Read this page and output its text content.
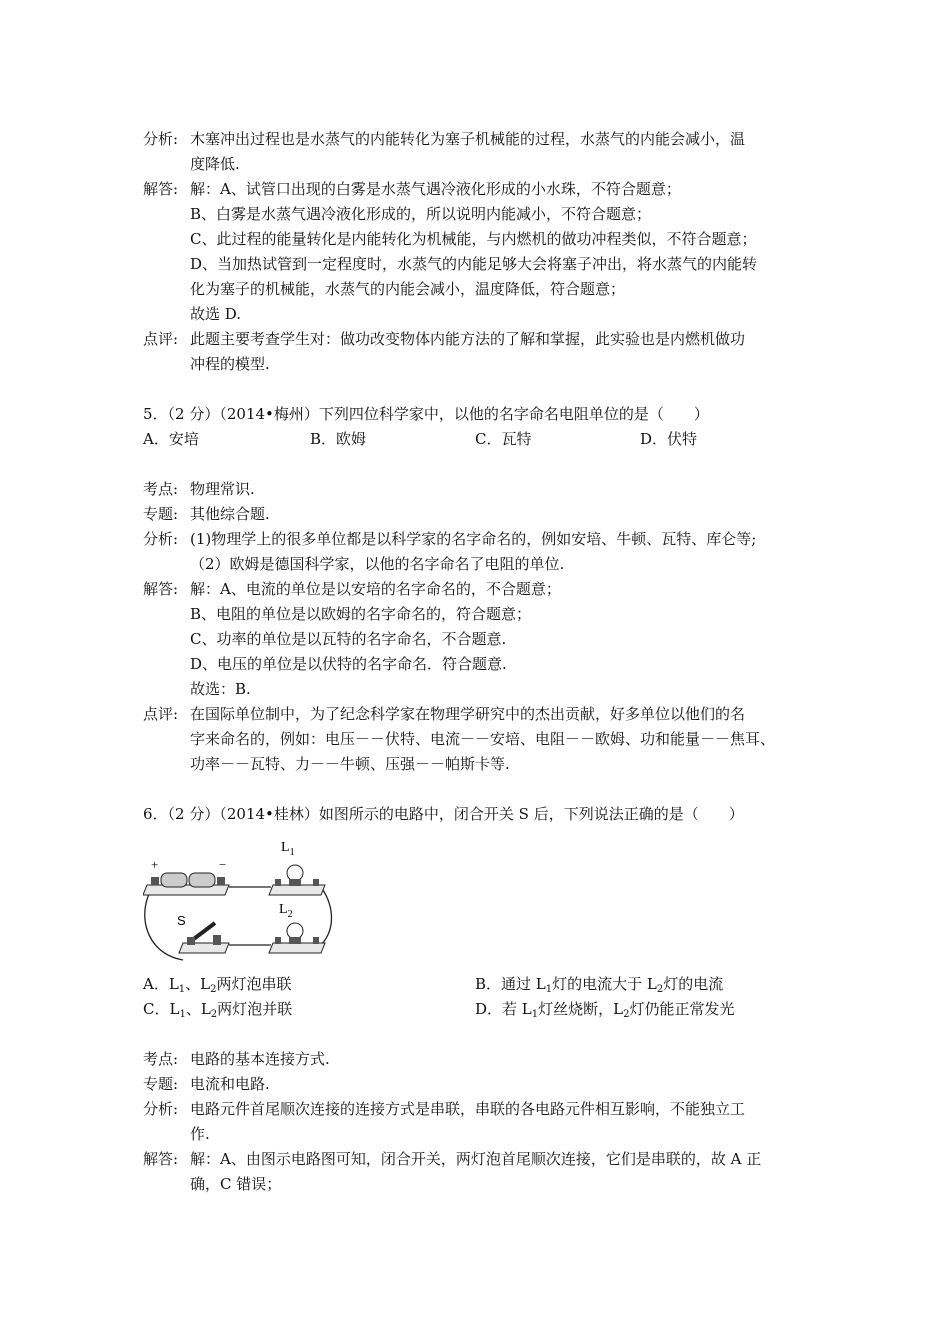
分析: 木塞冲出过程也是水蒸气的内能转化为塞子机械能的过程，水蒸气的内能会减小，温
度降低.
解答: 解：A、试管口出现的白雾是水蒸气遇冷液化形成的小水珠，不符合题意；
B、白雾是水蒸气遇冷液化形成的，所以说明内能减小，不符合题意；
C、此过程的能量转化是内能转化为机械能，与内燃机的做功冲程类似，不符合题意；
D、当加热试管到一定程度时，水蒸气的内能足够大会将塞子冲出，将水蒸气的内能转
化为塞子的机械能，水蒸气的内能会减小，温度降低，符合题意；
故选 D.
点评: 此题主要考查学生对：做功改变物体内能方法的了解和掌握，此实验也是内燃机做功
冲程的模型.
5．（2 分）（2014•梅州）下列四位科学家中，以他的名字命名电阻单位的是（　　）
A．安培	B．欧姆	C．瓦特	D．伏特
考点: 物理常识.
专题: 其他综合题.
分析: (1)物理学上的很多单位都是以科学家的名字命名的，例如安培、牛顿、瓦特、库仑等;
（2）欧姆是德国科学家，以他的名字命名了电阻的单位.
解答: 解：A、电流的单位是以安培的名字命名的，不合题意；
B、电阻的单位是以欧姆的名字命名的，符合题意；
C、功率的单位是以瓦特的名字命名，不合题意.
D、电压的单位是以伏特的名字命名．符合题意.
故选：B.
点评: 在国际单位制中，为了纪念科学家在物理学研究中的杰出贡献，好多单位以他们的名
字来命名的，例如：电压－－伏特、电流－－安培、电阻－－欧姆、功和能量－－焦耳、
功率－－瓦特、力－－牛顿、压强－－帕斯卡等.
6．（2 分）（2014•桂林）如图所示的电路中，闭合开关 S 后，下列说法正确的是（　　）
+	−
$L_1$
$L_2$
S
A．$L_1$、$L_2$两灯泡串联	B．通过 $L_1$灯的电流大于 $L_2$灯的电流
C．$L_1$、$L_2$两灯泡并联	D．若 $L_1$灯丝烧断，$L_2$灯仍能正常发光
考点: 电路的基本连接方式.
专题: 电流和电路.
分析: 电路元件首尾顺次连接的连接方式是串联，串联的各电路元件相互影响，不能独立工
作.
解答: 解：A、由图示电路图可知，闭合开关，两灯泡首尾顺次连接，它们是串联的，故 A 正
确，C 错误；
